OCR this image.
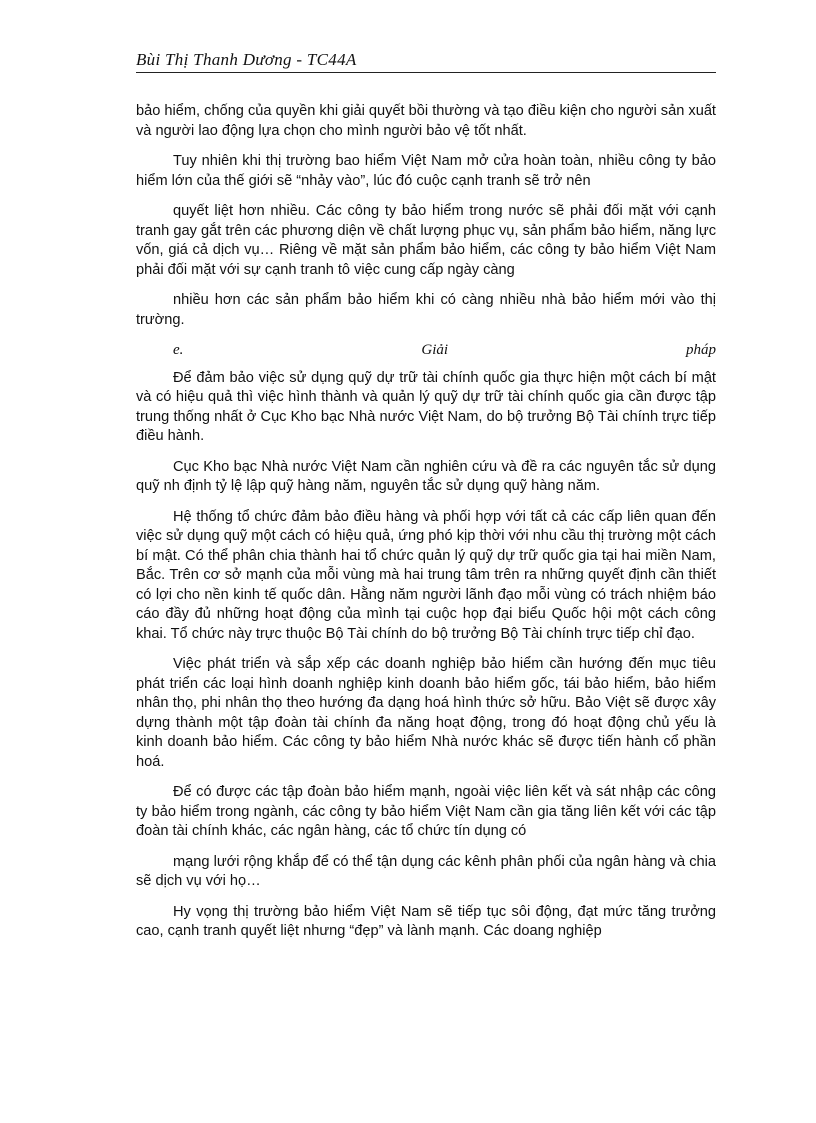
Bùi Thị Thanh Dương - TC44A

bảo hiểm, chống của quyền khi giải quyết bồi thường và tạo điều kiện cho người sản xuất và người lao động lựa chọn cho mình người bảo vệ tốt nhất.

Tuy nhiên khi thị trường bao hiểm Việt Nam mở cửa hoàn toàn, nhiều công ty bảo hiểm lớn của thế giới sẽ “nhảy vào”, lúc đó cuộc cạnh tranh sẽ trở nên

quyết liệt hơn nhiều. Các công ty bảo hiểm trong nước sẽ phải đối mặt với cạnh tranh gay gắt trên các phương diện về chất lượng phục vụ, sản phẩm bảo hiểm, năng lực vốn, giá cả dịch vụ… Riêng về mặt sản phẩm bảo hiểm, các công ty bảo hiểm Việt Nam phải đối mặt với sự cạnh tranh tô việc cung cấp ngày càng

nhiều hơn các sản phẩm bảo hiểm khi có càng nhiều nhà bảo hiểm mới vào thị trường.

e.	Giải	pháp

Để đảm bảo việc sử dụng quỹ dự trữ tài chính quốc gia thực hiện một cách bí mật và có hiệu quả thì việc hình thành và quản lý quỹ dự trữ tài chính quốc gia cần được tập trung thống nhất ở Cục Kho bạc Nhà nước Việt Nam, do bộ trưởng Bộ Tài chính trực tiếp điều hành.

Cục Kho bạc Nhà nước Việt Nam cần nghiên cứu và đề ra các nguyên tắc sử dụng quỹ nh định tỷ lệ lập quỹ hàng năm, nguyên tắc sử dụng quỹ hàng năm.

Hệ thống tổ chức đảm bảo điều hàng và phối hợp với tất cả các cấp liên quan đến việc sử dụng quỹ một cách có hiệu quả, ứng phó kịp thời với nhu cầu thị trường một cách bí mật. Có thể phân chia thành hai tổ chức quản lý quỹ dự trữ quốc gia tại hai miền Nam, Bắc. Trên cơ sở mạnh của mỗi vùng mà hai trung tâm trên ra những quyết định cần thiết có lợi cho nền kinh tế quốc dân. Hằng năm người lãnh đạo mỗi vùng có trách nhiệm báo cáo đầy đủ những hoạt động của mình tại cuộc họp đại biểu Quốc hội một cách công khai. Tổ chức này trực thuộc Bộ Tài chính do bộ trưởng Bộ Tài chính trực tiếp chỉ đạo.

Việc phát triển và sắp xếp các doanh nghiệp bảo hiểm cần hướng đến mục tiêu phát triển các loại hình doanh nghiệp kinh doanh bảo hiểm gốc, tái bảo hiểm, bảo hiểm nhân thọ, phi nhân thọ theo hướng đa dạng hoá hình thức sở hữu. Bảo Việt sẽ được xây dựng thành một tập đoàn tài chính đa năng hoạt động, trong đó hoạt động chủ yếu là kinh doanh bảo hiểm. Các công ty bảo hiểm Nhà nước khác sẽ được tiến hành cổ phần hoá.

Để có được các tập đoàn bảo hiểm mạnh, ngoài việc liên kết và sát nhập các công ty bảo hiểm trong ngành, các công ty bảo hiểm Việt Nam cần gia tăng liên kết với các tập đoàn tài chính khác, các ngân hàng, các tổ chức tín dụng có

mạng lưới rộng khắp để có thể tận dụng các kênh phân phối của ngân hàng và chia sẽ dịch vụ với họ…

Hy vọng thị trường bảo hiểm Việt Nam sẽ tiếp tục sôi động, đạt mức tăng trưởng cao, cạnh tranh quyết liệt nhưng “đẹp” và lành mạnh. Các doang nghiệp
